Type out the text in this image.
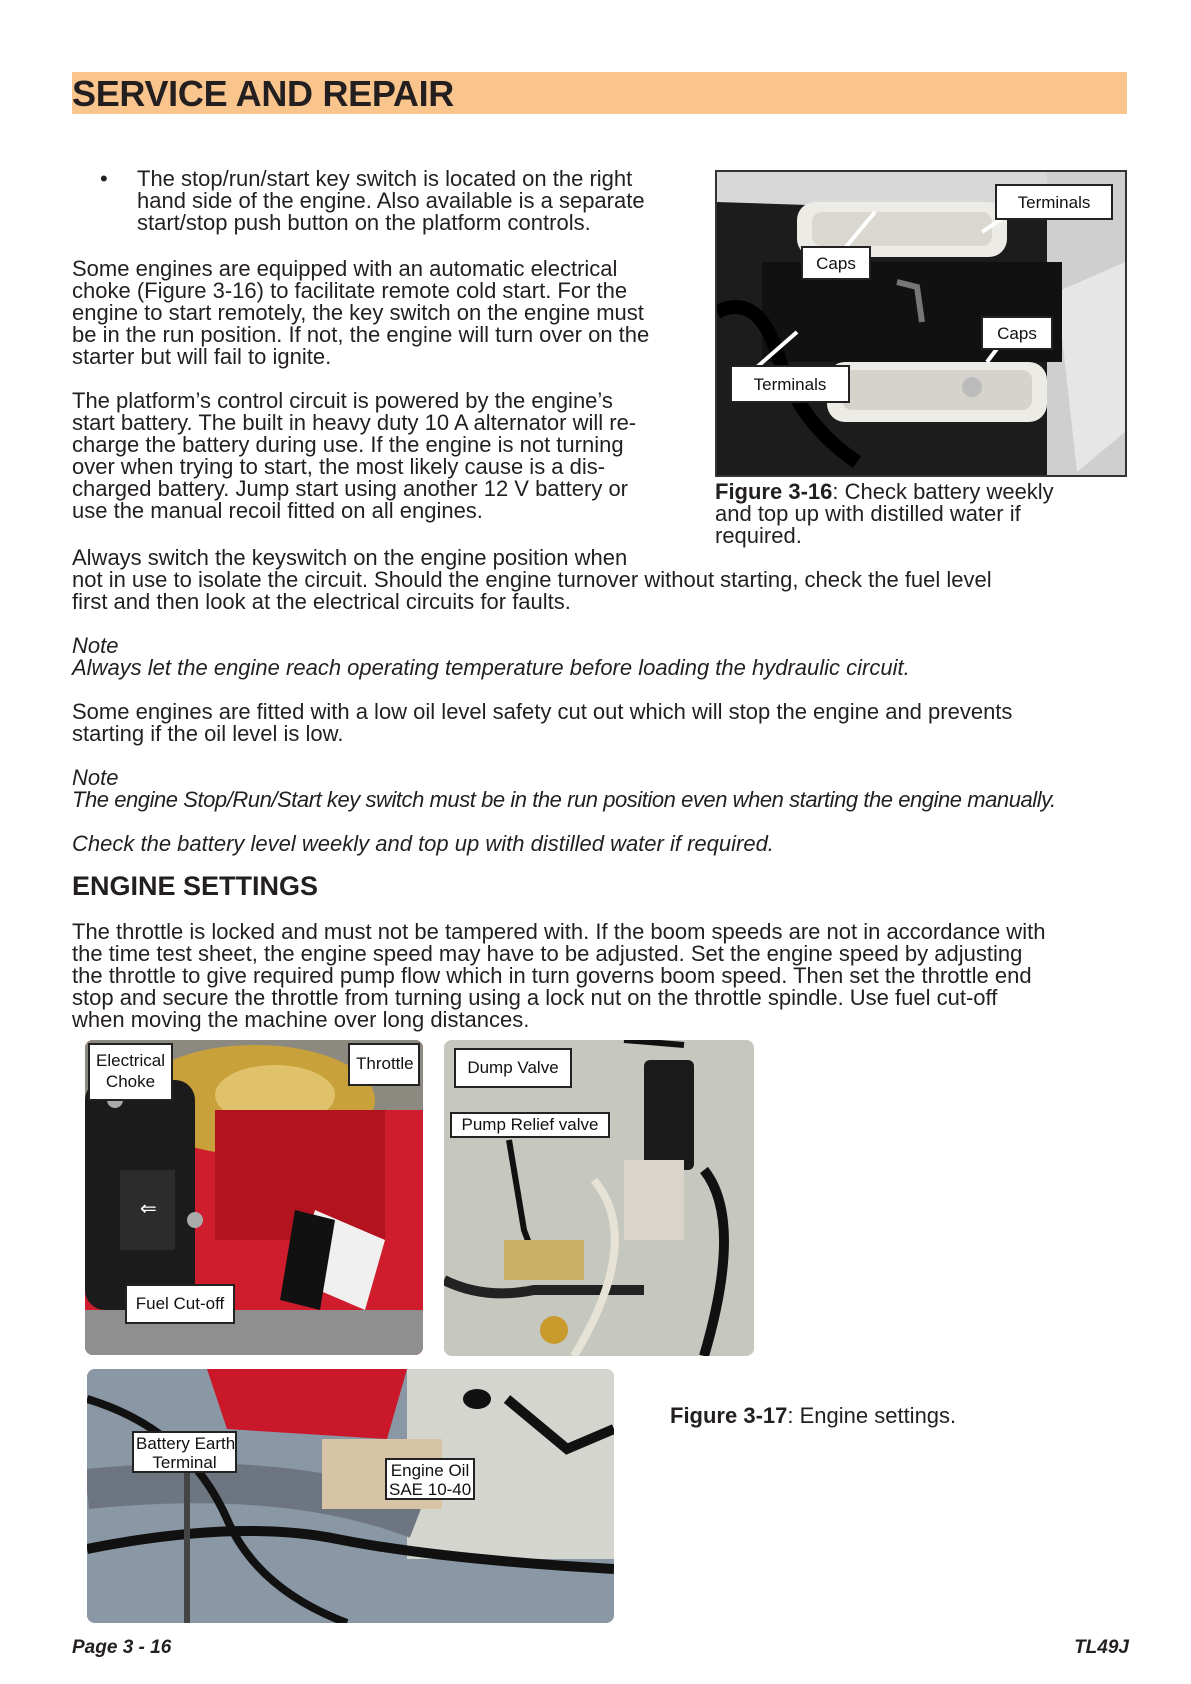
SERVICE AND REPAIR
• The stop/run/start key switch is located on the right

hand side of the engine. Also available is a separate

start/stop push button on the platform controls.

Some engines are equipped with an automatic electrical

choke (Figure 3-16) to facilitate remote cold start. For the

engine to start remotely, the key switch on the engine must

be in the run position. If not, the engine will turn over on the

starter but will fail to ignite.

The platform’s control circuit is powered by the engine’s

start battery. The built in heavy duty 10 A alternator will re-

charge the battery during use. If the engine is not turning

over when trying to start, the most likely cause is a dis-

charged battery. Jump start using another 12 V battery or

use the manual recoil fitted on all engines.

Terminals
Caps
Caps
Terminals

Figure 3-16: Check battery weekly

and top up with distilled water if

required.

Always switch the keyswitch on the engine position when

not in use to isolate the circuit. Should the engine turnover without starting, check the fuel level

first and then look at the electrical circuits for faults.

Note

Always let the engine reach operating temperature before loading the hydraulic circuit.

Some engines are fitted with a low oil level safety cut out which will stop the engine and prevents

starting if the oil level is low.

Note

The engine Stop/Run/Start key switch must be in the run position even when starting the engine manually.

Check the battery level weekly and top up with distilled water if required.

ENGINE SETTINGS

The throttle is locked and must not be tampered with. If the boom speeds are not in accordance with

the time test sheet, the engine speed may have to be adjusted. Set the engine speed by adjusting

the throttle to give required pump flow which in turn governs boom speed. Then set the throttle end

stop and secure the throttle from turning using a lock nut on the throttle spindle. Use fuel cut-off

when moving the machine over long distances.

⇐
Electrical
Choke
Throttle
Fuel Cut-off
Dump Valve
Pump Relief valve
Battery Earth
Terminal	Engine Oil
SAE 10-40
Figure 3-17: Engine settings.
Page 3 - 16	TL49J
